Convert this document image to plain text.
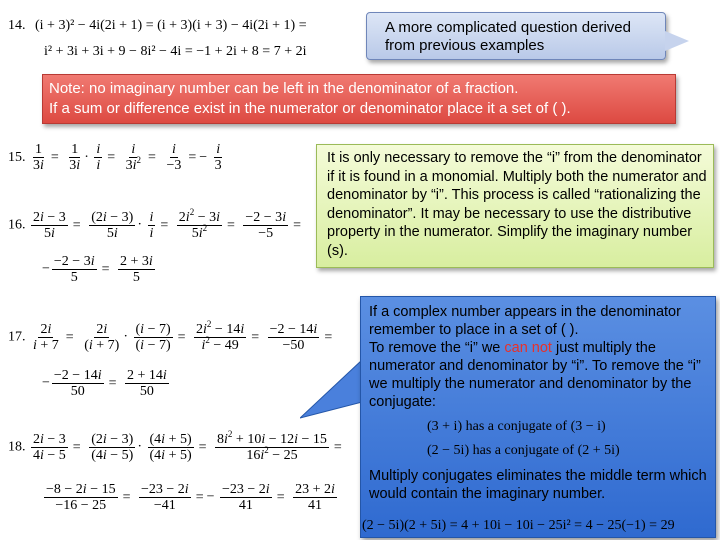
14. (i + 3)² − 4i(2i + 1) = (i + 3)(i + 3) − 4i(2i + 1) =
i² + 3i + 3i + 9 − 8i² − 4i = −1 + 2i + 8 = 7 + 2i
A more complicated question derived from previous examples
Note: no imaginary number can be left in the denominator of a fraction.
If a sum or difference exist in the numerator or denominator place it a set of ( ).
15. $\frac{1}{3i} = \frac{1}{3i} \cdot \frac{i}{i} = \frac{i}{3i^2} = \frac{i}{-3}$ = − $\frac{i}{3}$	It is only necessary to remove the “i” from the denominator if it is found in a monomial. Multiply both the numerator and denominator by “i”. This process is called “rationalizing the denominator”. It may be necessary to use the distributive property in the numerator. Simplify the imaginary number (s).
16. $\frac{2i - 3}{5i} = \frac{(2i - 3)}{5i} \cdot \frac{i}{i} = \frac{2i^2 - 3i}{5i^2} = \frac{-2 - 3i}{-5}$ =
− $\frac{-2 - 3i}{5} = \frac{2 + 3i}{5}$
If a complex number appears in the denominator remember to place in a set of ( ).
To remove the “i” we can not just multiply the numerator and denominator by “i”. To remove the “i” we multiply the numerator and denominator by the conjugate:
(3 + i) has a conjugate of (3 − i)
(2 − 5i) has a conjugate of (2 + 5i)
Multiply conjugates eliminates the middle term which would contain the imaginary number.
(2 − 5i)(2 + 5i) = 4 + 10i − 10i − 25i² = 4 − 25(−1) = 29
17. $\frac{2i}{i + 7} = \frac{2i}{(i + 7)} \cdot \frac{(i - 7)}{(i - 7)} = \frac{2i^2 - 14i}{i^2 - 49} = \frac{-2 - 14i}{-50}$ =
− $\frac{-2 - 14i}{50} = \frac{2 + 14i}{50}$
18. $\frac{2i - 3}{4i - 5} = \frac{(2i - 3)}{(4i - 5)} \cdot \frac{(4i + 5)}{(4i + 5)} = \frac{8i^2 + 10i - 12i - 15}{16i^2 - 25}$ =
$\frac{-8 - 2i - 15}{-16 - 25} = \frac{-23 - 2i}{-41}$ = − $\frac{-23 - 2i}{41} = \frac{23 + 2i}{41}$
